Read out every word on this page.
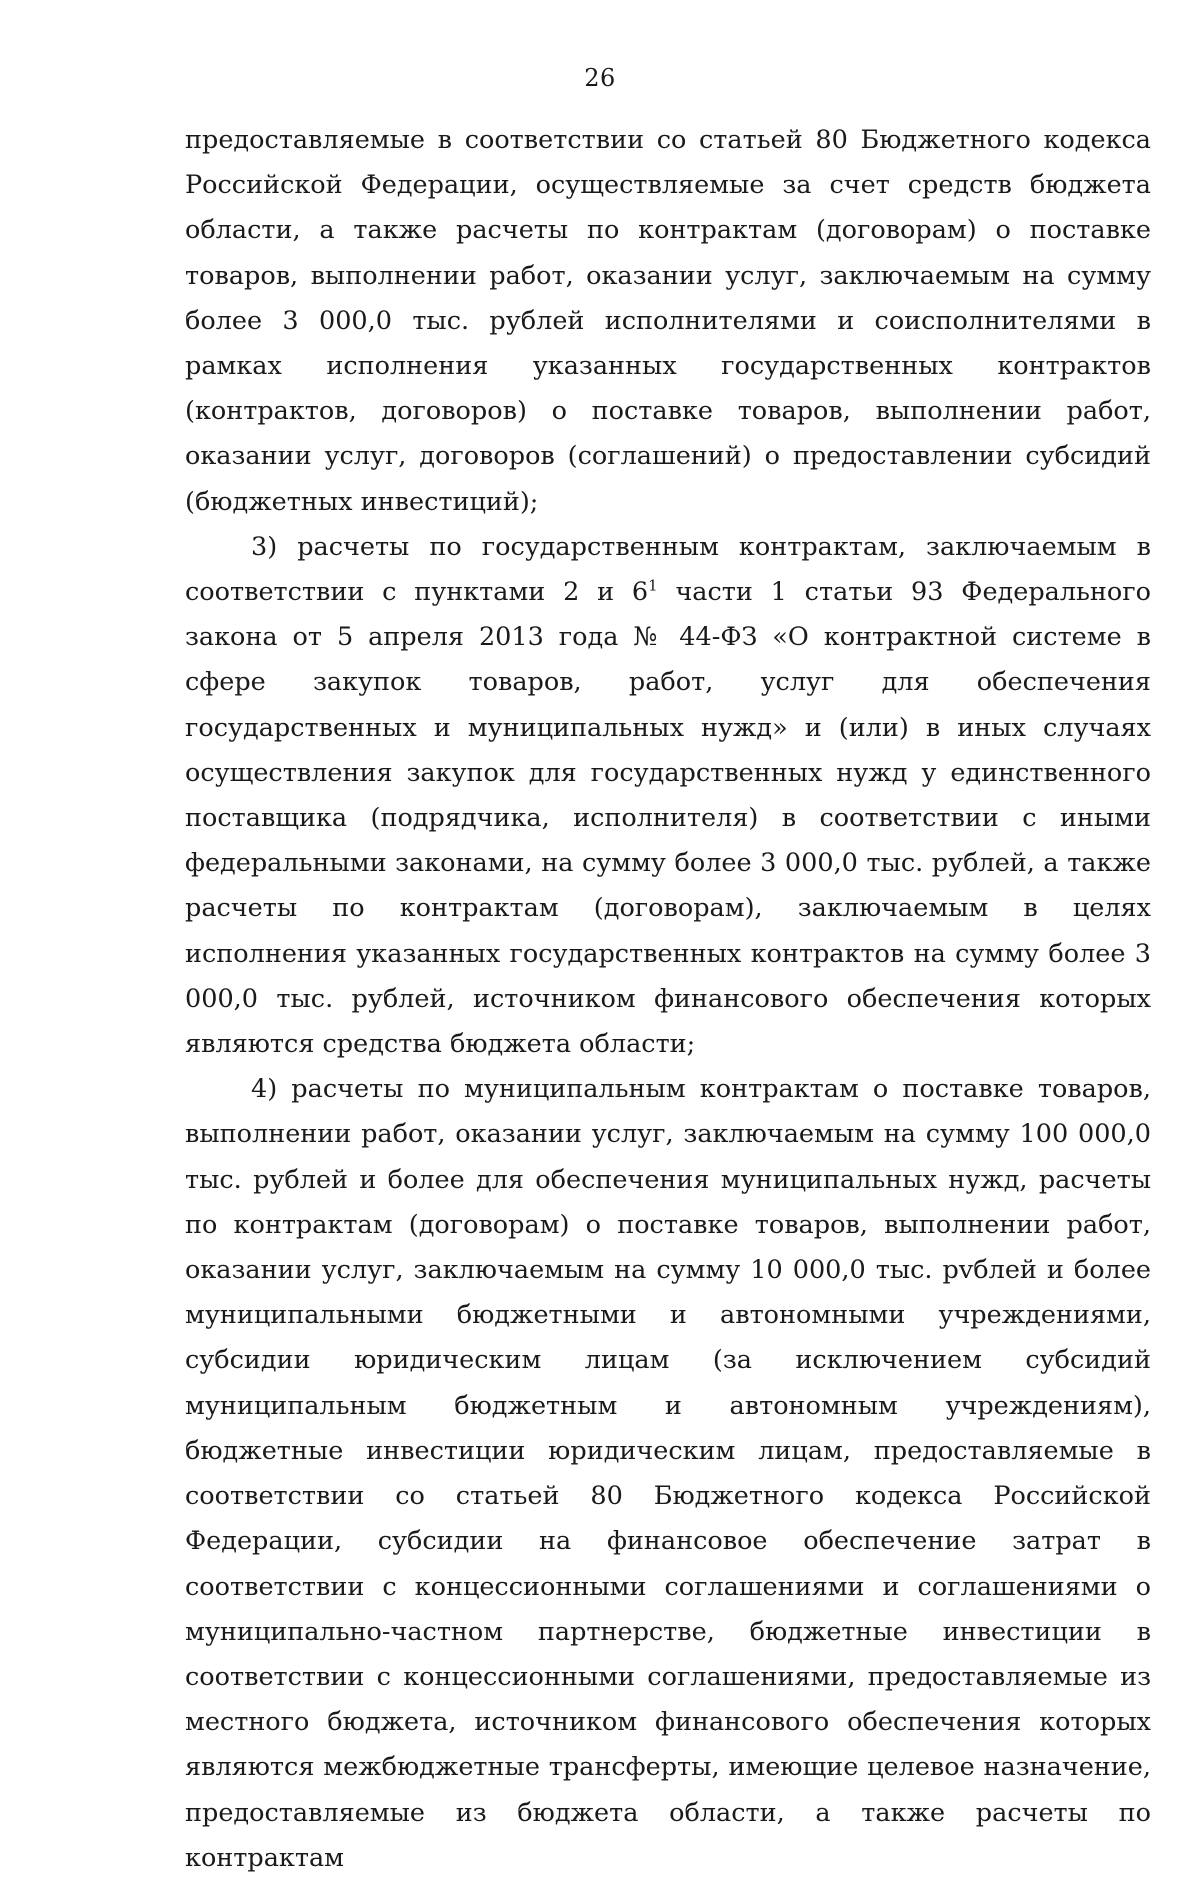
26

предоставляемые в соответствии со статьей 80 Бюджетного кодекса Российской Федерации, осуществляемые за счет средств бюджета области, а также расчеты по контрактам (договорам) о поставке товаров, выполнении работ, оказании услуг, заключаемым на сумму более 3 000,0 тыс. рублей исполнителями и соисполнителями в рамках исполнения указанных государственных контрактов (контрактов, договоров) о поставке товаров, выполнении работ, оказании услуг, договоров (соглашений) о предоставлении субсидий (бюджетных инвестиций);

3) расчеты по государственным контрактам, заключаемым в соответствии с пунктами 2 и $6^1$ части 1 статьи 93 Федерального закона от 5 апреля 2013 года № 44-ФЗ «О контрактной системе в сфере закупок товаров, работ, услуг для обеспечения государственных и муниципальных нужд» и (или) в иных случаях осуществления закупок для государственных нужд у единственного поставщика (подрядчика, исполнителя) в соответствии с иными федеральными законами, на сумму более 3 000,0 тыс. рублей, а также расчеты по контрактам (договорам), заключаемым в целях исполнения указанных государственных контрактов на сумму более 3 000,0 тыс. рублей, источником финансового обеспечения которых являются средства бюджета области;

4) расчеты по муниципальным контрактам о поставке товаров, выполнении работ, оказании услуг, заключаемым на сумму 100 000,0 тыс. рублей и более для обеспечения муниципальных нужд, расчеты по контрактам (договорам) о поставке товаров, выполнении работ, оказании услуг, заключаемым на сумму 10 000,0 тыс. рvблей и более муниципальными бюджетными и автономными учреждениями, субсидии юридическим лицам (за исключением субсидий муниципальным бюджетным и автономным учреждениям), бюджетные инвестиции юридическим лицам, предоставляемые в соответствии со статьей 80 Бюджетного кодекса Российской Федерации, субсидии на финансовое обеспечение затрат в соответствии с концессионными соглашениями и соглашениями о муниципально-частном партнерстве, бюджетные инвестиции в соответствии с концессионными соглашениями, предоставляемые из местного бюджета, источником финансового обеспечения которых являются межбюджетные трансферты, имеющие целевое назначение, предоставляемые из бюджета области, а также расчеты по контрактам
